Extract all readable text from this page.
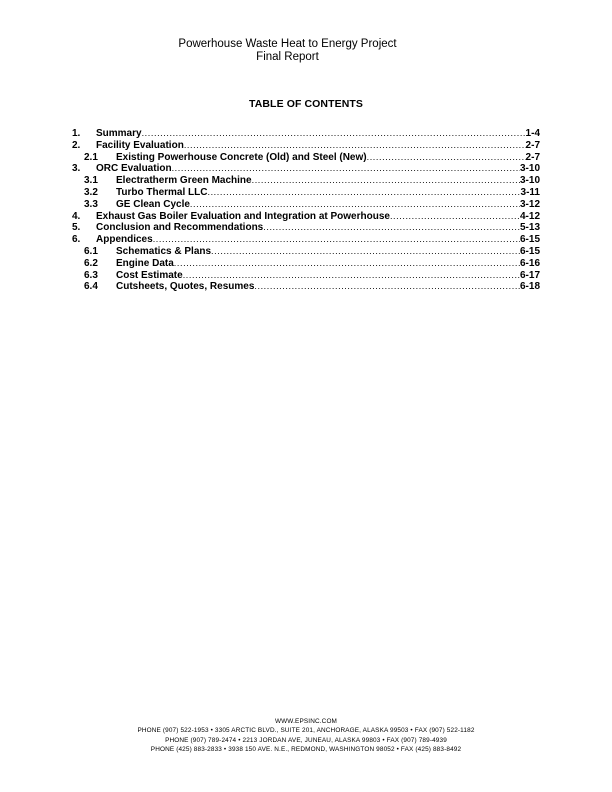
Powerhouse Waste Heat to Energy Project
Final Report
TABLE OF CONTENTS
1. Summary .....	1-4
2. Facility Evaluation .....	2-7
2.1 Existing Powerhouse Concrete (Old) and Steel (New) .....	2-7
3. ORC Evaluation .....	3-10
3.1 Electratherm Green Machine .....	3-10
3.2 Turbo Thermal LLC .....	3-11
3.3 GE Clean Cycle .....	3-12
4. Exhaust Gas Boiler Evaluation and Integration at Powerhouse .....	4-12
5. Conclusion and Recommendations .....	5-13
6. Appendices .....	6-15
6.1 Schematics & Plans .....	6-15
6.2 Engine Data .....	6-16
6.3 Cost Estimate .....	6-17
6.4 Cutsheets, Quotes, Resumes .....	6-18
WWW.EPSINC.COM
PHONE (907) 522-1953 • 3305 ARCTIC BLVD., SUITE 201, ANCHORAGE, ALASKA 99503 • FAX (907) 522-1182
PHONE (907) 789-2474 • 2213 JORDAN AVE, JUNEAU, ALASKA 99803 • FAX (907) 789-4939
PHONE (425) 883-2833 • 3938 150 AVE. N.E., REDMOND, WASHINGTON 98052 • FAX (425) 883-8492
